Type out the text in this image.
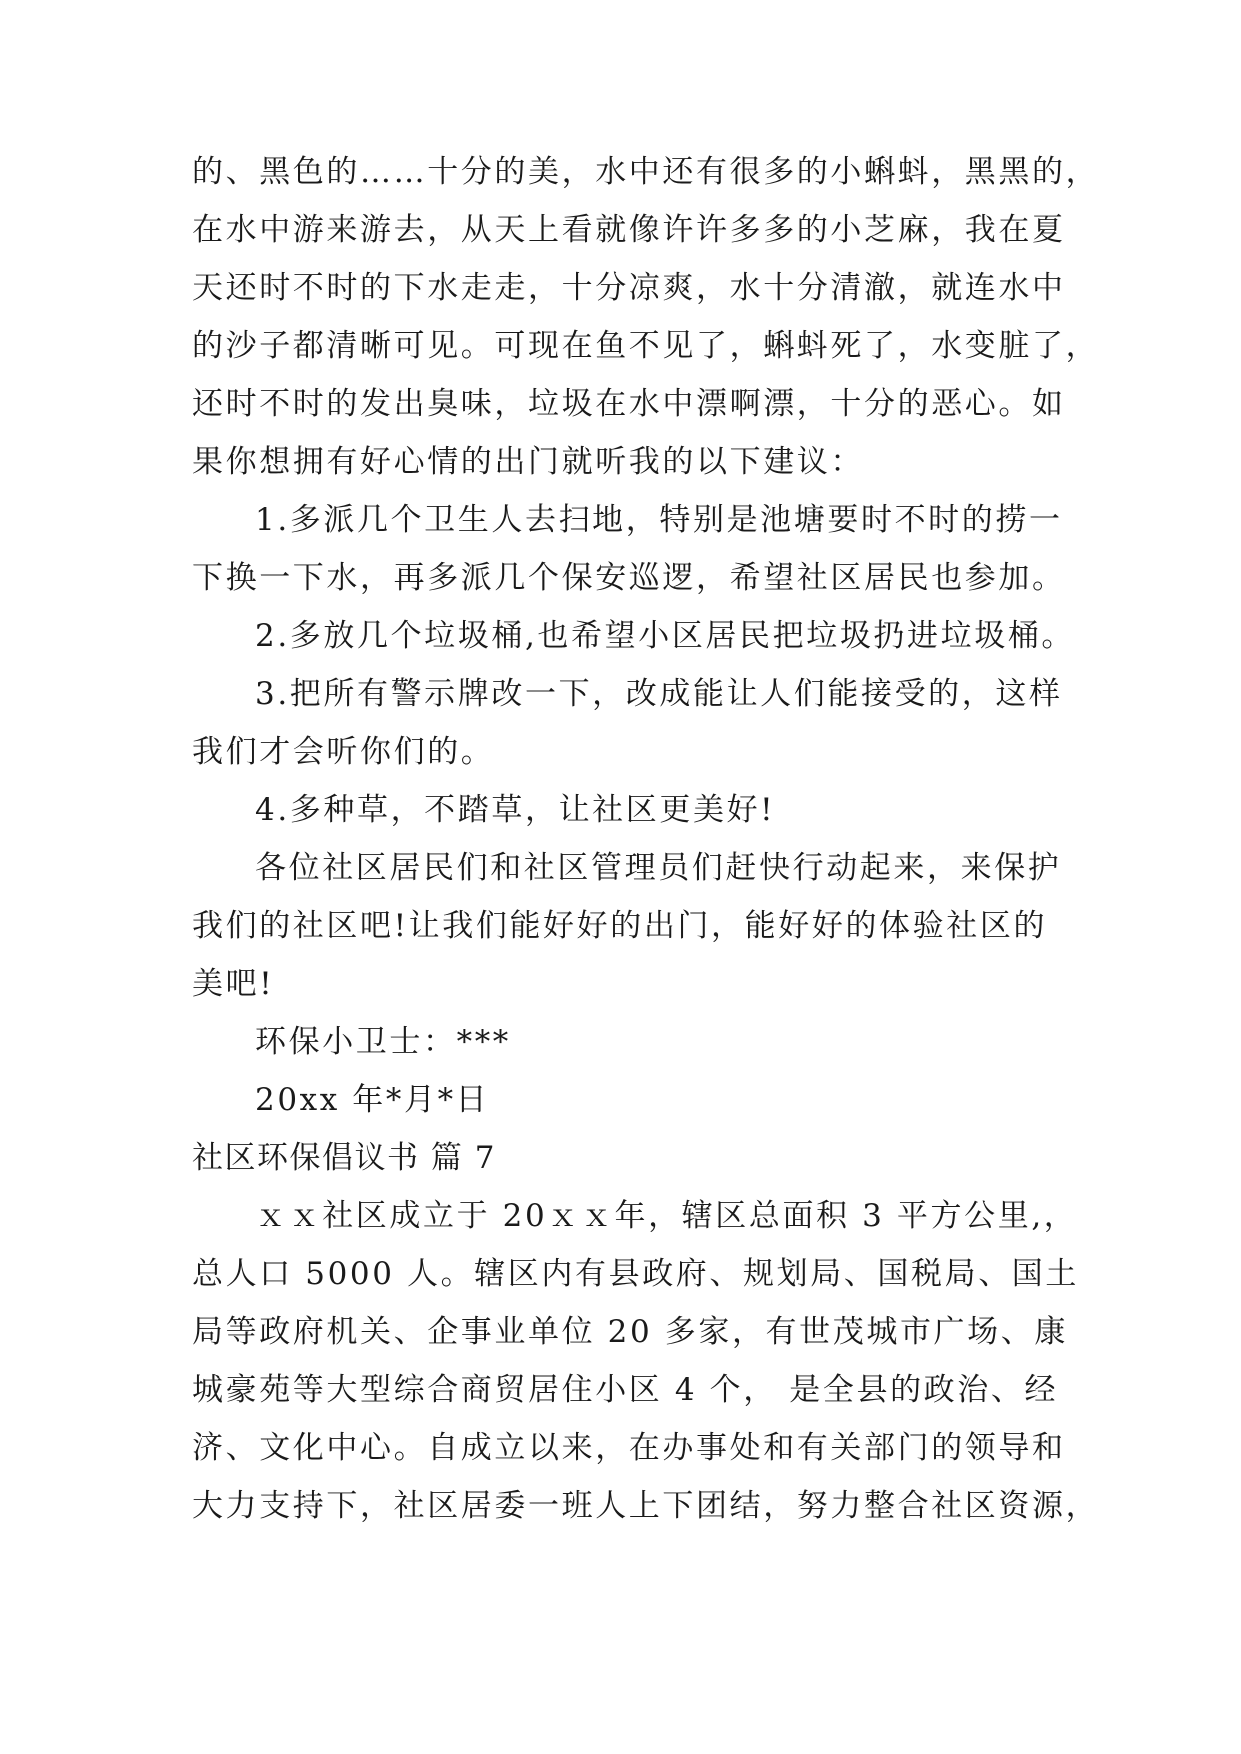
的、黑色的……十分的美，水中还有很多的小蝌蚪，黑黑的，

在水中游来游去，从天上看就像许许多多的小芝麻，我在夏

天还时不时的下水走走，十分凉爽，水十分清澈，就连水中

的沙子都清晰可见。可现在鱼不见了，蝌蚪死了，水变脏了，

还时不时的发出臭味，垃圾在水中漂啊漂，十分的恶心。如

果你想拥有好心情的出门就听我的以下建议：

1.多派几个卫生人去扫地，特别是池塘要时不时的捞一

下换一下水，再多派几个保安巡逻，希望社区居民也参加。

2.多放几个垃圾桶,也希望小区居民把垃圾扔进垃圾桶。

3.把所有警示牌改一下，改成能让人们能接受的，这样

我们才会听你们的。

4.多种草，不踏草，让社区更美好!

各位社区居民们和社区管理员们赶快行动起来，来保护

我们的社区吧!让我们能好好的出门，能好好的体验社区的

美吧!

环保小卫士：***

20xx 年*月*日

社区环保倡议书 篇 7

ｘｘ社区成立于 20ｘｘ年，辖区总面积 3 平方公里,，

总人口 5000 人。辖区内有县政府、规划局、国税局、国土

局等政府机关、企事业单位 20 多家，有世茂城市广场、康

城豪苑等大型综合商贸居住小区 4 个， 是全县的政治、经

济、文化中心。自成立以来，在办事处和有关部门的领导和

大力支持下，社区居委一班人上下团结，努力整合社区资源，
